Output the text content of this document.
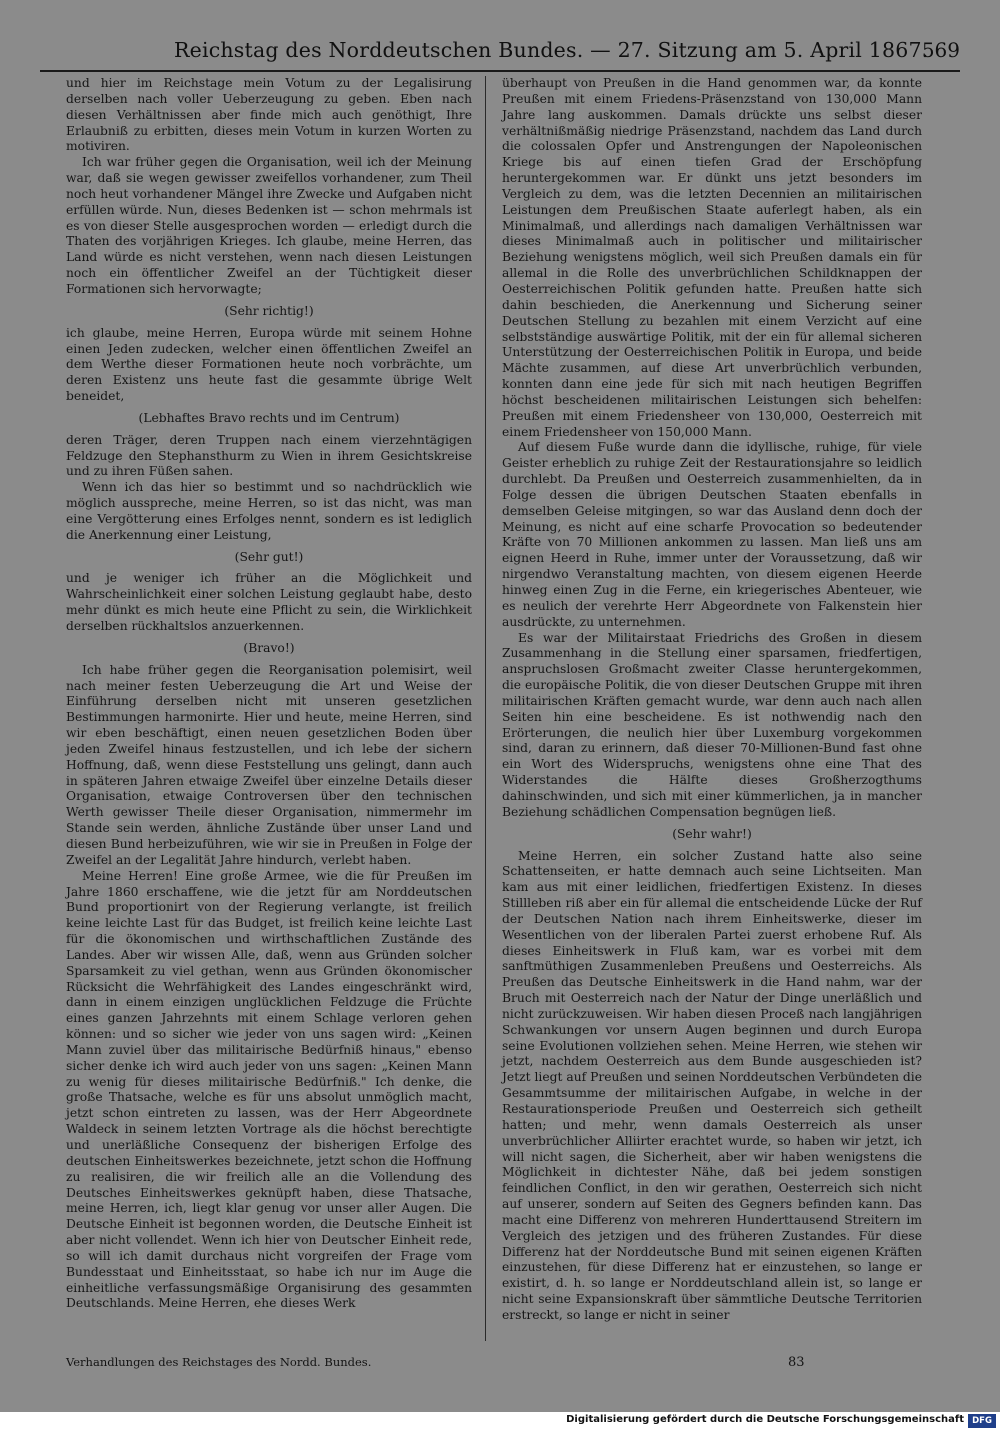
Reichstag des Norddeutschen Bundes. — 27. Sitzung am 5. April 1867.
569

und hier im Reichstage mein Votum zu der Legalisirung derselben nach voller Ueberzeugung zu geben. Eben nach diesen Verhältnissen aber finde mich auch genöthigt, Ihre Erlaubniß zu erbitten, dieses mein Votum in kurzen Worten zu motiviren.

Ich war früher gegen die Organisation, weil ich der Meinung war, daß sie wegen gewisser zweifellos vorhandener, zum Theil noch heut vorhandener Mängel ihre Zwecke und Aufgaben nicht erfüllen würde. Nun, dieses Bedenken ist — schon mehrmals ist es von dieser Stelle ausgesprochen worden — erledigt durch die Thaten des vorjährigen Krieges. Ich glaube, meine Herren, das Land würde es nicht verstehen, wenn nach diesen Leistungen noch ein öffentlicher Zweifel an der Tüchtigkeit dieser Formationen sich hervorwagte;

(Sehr richtig!)

ich glaube, meine Herren, Europa würde mit seinem Hohne einen Jeden zudecken, welcher einen öffentlichen Zweifel an dem Werthe dieser Formationen heute noch vorbrächte, um deren Existenz uns heute fast die gesammte übrige Welt beneidet,

(Lebhaftes Bravo rechts und im Centrum)

deren Träger, deren Truppen nach einem vierzehntägigen Feldzuge den Stephansthurm zu Wien in ihrem Gesichtskreise und zu ihren Füßen sahen.

Wenn ich das hier so bestimmt und so nachdrücklich wie möglich ausspreche, meine Herren, so ist das nicht, was man eine Vergötterung eines Erfolges nennt, sondern es ist lediglich die Anerkennung einer Leistung,

(Sehr gut!)

und je weniger ich früher an die Möglichkeit und Wahrscheinlichkeit einer solchen Leistung geglaubt habe, desto mehr dünkt es mich heute eine Pflicht zu sein, die Wirklichkeit derselben rückhaltslos anzuerkennen.

(Bravo!)

Ich habe früher gegen die Reorganisation polemisirt, weil nach meiner festen Ueberzeugung die Art und Weise der Einführung derselben nicht mit unseren gesetzlichen Bestimmungen harmonirte. Hier und heute, meine Herren, sind wir eben beschäftigt, einen neuen gesetzlichen Boden über jeden Zweifel hinaus festzustellen, und ich lebe der sichern Hoffnung, daß, wenn diese Feststellung uns gelingt, dann auch in späteren Jahren etwaige Zweifel über einzelne Details dieser Organisation, etwaige Controversen über den technischen Werth gewisser Theile dieser Organisation, nimmermehr im Stande sein werden, ähnliche Zustände über unser Land und diesen Bund herbeizuführen, wie wir sie in Preußen in Folge der Zweifel an der Legalität Jahre hindurch, verlebt haben.

Meine Herren! Eine große Armee, wie die für Preußen im Jahre 1860 erschaffene, wie die jetzt für am Norddeutschen Bund proportionirt von der Regierung verlangte, ist freilich keine leichte Last für das Budget, ist freilich keine leichte Last für die ökonomischen und wirthschaftlichen Zustände des Landes. Aber wir wissen Alle, daß, wenn aus Gründen solcher Sparsamkeit zu viel gethan, wenn aus Gründen ökonomischer Rücksicht die Wehrfähigkeit des Landes eingeschränkt wird, dann in einem einzigen unglücklichen Feldzuge die Früchte eines ganzen Jahrzehnts mit einem Schlage verloren gehen können: und so sicher wie jeder von uns sagen wird: „Keinen Mann zuviel über das militairische Bedürfniß hinaus," ebenso sicher denke ich wird auch jeder von uns sagen: „Keinen Mann zu wenig für dieses militairische Bedürfniß." Ich denke, die große Thatsache, welche es für uns absolut unmöglich macht, jetzt schon eintreten zu lassen, was der Herr Abgeordnete Waldeck in seinem letzten Vortrage als die höchst berechtigte und unerläßliche Consequenz der bisherigen Erfolge des deutschen Einheitswerkes bezeichnete, jetzt schon die Hoffnung zu realisiren, die wir freilich alle an die Vollendung des Deutsches Einheitswerkes geknüpft haben, diese Thatsache, meine Herren, ich, liegt klar genug vor unser aller Augen. Die Deutsche Einheit ist begonnen worden, die Deutsche Einheit ist aber nicht vollendet. Wenn ich hier von Deutscher Einheit rede, so will ich damit durchaus nicht vorgreifen der Frage vom Bundesstaat und Einheitsstaat, so habe ich nur im Auge die einheitliche verfassungsmäßige Organisirung des gesammten Deutschlands. Meine Herren, ehe dieses Werk

überhaupt von Preußen in die Hand genommen war, da konnte Preußen mit einem Friedens-Präsenzstand von 130,000 Mann Jahre lang auskommen. Damals drückte uns selbst dieser verhältnißmäßig niedrige Präsenzstand, nachdem das Land durch die colossalen Opfer und Anstrengungen der Napoleonischen Kriege bis auf einen tiefen Grad der Erschöpfung heruntergekommen war. Er dünkt uns jetzt besonders im Vergleich zu dem, was die letzten Decennien an militairischen Leistungen dem Preußischen Staate auferlegt haben, als ein Minimalmaß, und allerdings nach damaligen Verhältnissen war dieses Minimalmaß auch in politischer und militairischer Beziehung wenigstens möglich, weil sich Preußen damals ein für allemal in die Rolle des unverbrüchlichen Schildknappen der Oesterreichischen Politik gefunden hatte. Preußen hatte sich dahin beschieden, die Anerkennung und Sicherung seiner Deutschen Stellung zu bezahlen mit einem Verzicht auf eine selbstständige auswärtige Politik, mit der ein für allemal sicheren Unterstützung der Oesterreichischen Politik in Europa, und beide Mächte zusammen, auf diese Art unverbrüchlich verbunden, konnten dann eine jede für sich mit nach heutigen Begriffen höchst bescheidenen militairischen Leistungen sich behelfen: Preußen mit einem Friedensheer von 130,000, Oesterreich mit einem Friedensheer von 150,000 Mann.

Auf diesem Fuße wurde dann die idyllische, ruhige, für viele Geister erheblich zu ruhige Zeit der Restaurationsjahre so leidlich durchlebt. Da Preußen und Oesterreich zusammenhielten, da in Folge dessen die übrigen Deutschen Staaten ebenfalls in demselben Geleise mitgingen, so war das Ausland denn doch der Meinung, es nicht auf eine scharfe Provocation so bedeutender Kräfte von 70 Millionen ankommen zu lassen. Man ließ uns am eignen Heerd in Ruhe, immer unter der Voraussetzung, daß wir nirgendwo Veranstaltung machten, von diesem eigenen Heerde hinweg einen Zug in die Ferne, ein kriegerisches Abenteuer, wie es neulich der verehrte Herr Abgeordnete von Falkenstein hier ausdrückte, zu unternehmen.

Es war der Militairstaat Friedrichs des Großen in diesem Zusammenhang in die Stellung einer sparsamen, friedfertigen, anspruchslosen Großmacht zweiter Classe heruntergekommen, die europäische Politik, die von dieser Deutschen Gruppe mit ihren militairischen Kräften gemacht wurde, war denn auch nach allen Seiten hin eine bescheidene. Es ist nothwendig nach den Erörterungen, die neulich hier über Luxemburg vorgekommen sind, daran zu erinnern, daß dieser 70-Millionen-Bund fast ohne ein Wort des Widerspruchs, wenigstens ohne eine That des Widerstandes die Hälfte dieses Großherzogthums dahinschwinden, und sich mit einer kümmerlichen, ja in mancher Beziehung schädlichen Compensation begnügen ließ.

(Sehr wahr!)

Meine Herren, ein solcher Zustand hatte also seine Schattenseiten, er hatte demnach auch seine Lichtseiten. Man kam aus mit einer leidlichen, friedfertigen Existenz. In dieses Stillleben riß aber ein für allemal die entscheidende Lücke der Ruf der Deutschen Nation nach ihrem Einheitswerke, dieser im Wesentlichen von der liberalen Partei zuerst erhobene Ruf. Als dieses Einheitswerk in Fluß kam, war es vorbei mit dem sanftmüthigen Zusammenleben Preußens und Oesterreichs. Als Preußen das Deutsche Einheitswerk in die Hand nahm, war der Bruch mit Oesterreich nach der Natur der Dinge unerläßlich und nicht zurückzuweisen. Wir haben diesen Proceß nach langjährigen Schwankungen vor unsern Augen beginnen und durch Europa seine Evolutionen vollziehen sehen. Meine Herren, wie stehen wir jetzt, nachdem Oesterreich aus dem Bunde ausgeschieden ist? Jetzt liegt auf Preußen und seinen Norddeutschen Verbündeten die Gesammtsumme der militairischen Aufgabe, in welche in der Restaurationsperiode Preußen und Oesterreich sich getheilt hatten; und mehr, wenn damals Oesterreich als unser unverbrüchlicher Alliirter erachtet wurde, so haben wir jetzt, ich will nicht sagen, die Sicherheit, aber wir haben wenigstens die Möglichkeit in dichtester Nähe, daß bei jedem sonstigen feindlichen Conflict, in den wir gerathen, Oesterreich sich nicht auf unserer, sondern auf Seiten des Gegners befinden kann. Das macht eine Differenz von mehreren Hunderttausend Streitern im Vergleich des jetzigen und des früheren Zustandes. Für diese Differenz hat der Norddeutsche Bund mit seinen eigenen Kräften einzustehen, für diese Differenz hat er einzustehen, so lange er existirt, d. h. so lange er Norddeutschland allein ist, so lange er nicht seine Expansionskraft über sämmtliche Deutsche Territorien erstreckt, so lange er nicht in seiner

Verhandlungen des Reichstages des Nordd. Bundes.	83
Digitalisierung gefördert durch die Deutsche Forschungsgemeinschaft DFG
